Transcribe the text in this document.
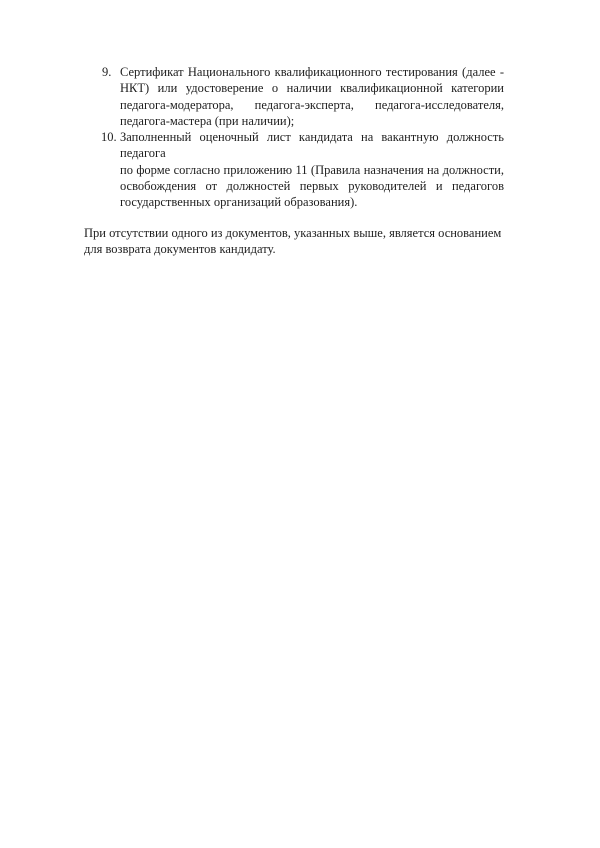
9. Сертификат Национального квалификационного тестирования (далее -
НКТ) или удостоверение о наличии квалификационной категории
педагога-модератора, педагога-эксперта, педагога-исследователя,
педагога-мастера (при наличии);
10. Заполненный оценочный лист кандидата на вакантную должность педагога
по форме согласно приложению 11 (Правила назначения на должности,
освобождения от должностей первых руководителей и педагогов
государственных организаций образования).
При отсутствии одного из документов, указанных выше, является основанием
для возврата документов кандидату.
